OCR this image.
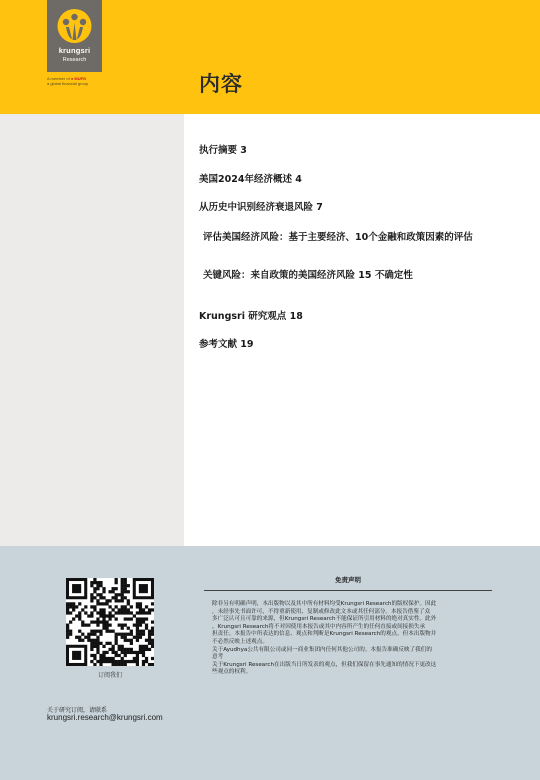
krungsri
Research
A member of ● MUFG
a global financial group	内容
执行摘要 3
美国2024年经济概述 4
从历史中识别经济衰退风险 7
评估美国经济风险：基于主要经济、10个金融和政策因素的评估
关键风险：来自政策的美国经济风险 15 不确定性
Krungsri 研究观点 18
参考文献 19
订阅我们
关于研究订阅，请联系
krungsri.research@krungsri.com
免责声明
除非另有明确声明，本出版物以及其中所有材料均受Krungsri Research的版权保护。因此
，未经事先书面许可，不得重新使用、复制或修改此文本或其任何部分。本报告借鉴了众
多广泛认可且可靠的来源，但Krungsri Research不能保证所引用材料的绝对真实性。此外
，Krungsri Research将不对因使用本报告或其中内容所产生的任何直接或间接损失承
担责任。本报告中所表达的信息、观点和判断是Krungsri Research的观点，但本出版物并
不必然反映上述观点。
关于Ayudhya公共有限公司或同一商业集团内任何其他公司的。本报告准确反映了我们的
意考
关于Krungsri Research在出版当日所发表的观点，但我们保留在事先通知的情况下更改这
些观点的权利。
